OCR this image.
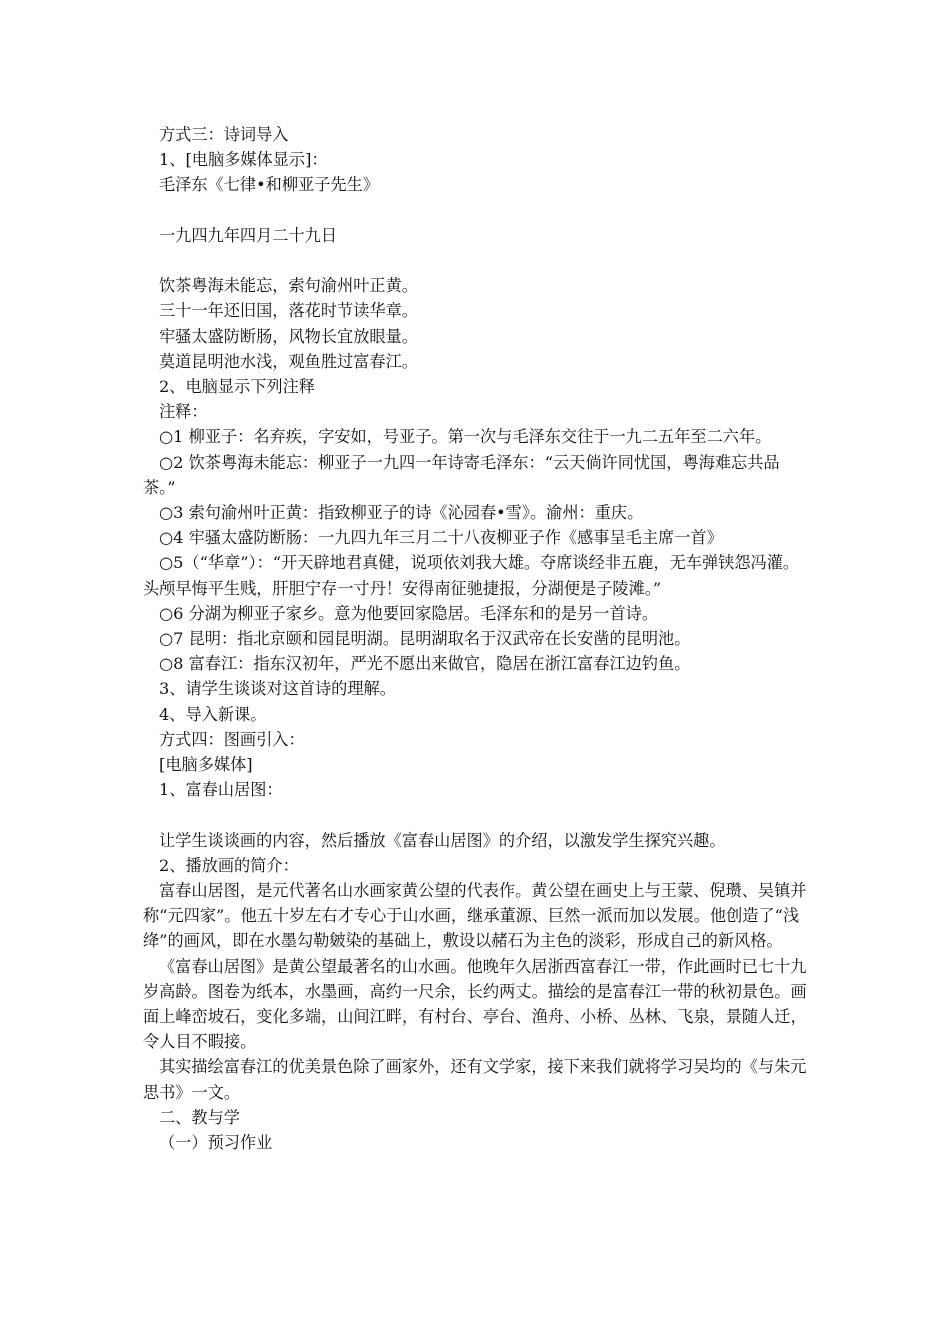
方式三：诗词导入

1、[电脑多媒体显示]：

毛泽东《七律•和柳亚子先生》

一九四九年四月二十九日

饮茶粤海未能忘，索句渝州叶正黄。

三十一年还旧国，落花时节读华章。

牢骚太盛防断肠，风物长宜放眼量。

莫道昆明池水浅，观鱼胜过富春江。

2、电脑显示下列注释

注释：

○1 柳亚子：名弃疾，字安如，号亚子。第一次与毛泽东交往于一九二五年至二六年。

○2 饮茶粤海未能忘：柳亚子一九四一年诗寄毛泽东：“云天倘许同忧国，粤海难忘共品茶。”

○3 索句渝州叶正黄：指致柳亚子的诗《沁园春•雪》。渝州：重庆。

○4 牢骚太盛防断肠：一九四九年三月二十八夜柳亚子作《感事呈毛主席一首》

○5（“华章”）：“开天辟地君真健，说项依刘我大雄。夺席谈经非五鹿，无车弹铗怨冯灌。头颅早悔平生贱，肝胆宁存一寸丹！安得南征驰捷报，分湖便是子陵滩。”

○6 分湖为柳亚子家乡。意为他要回家隐居。毛泽东和的是另一首诗。

○7 昆明：指北京颐和园昆明湖。昆明湖取名于汉武帝在长安凿的昆明池。

○8 富春江：指东汉初年，严光不愿出来做官，隐居在浙江富春江边钓鱼。

3、请学生谈谈对这首诗的理解。

4、导入新课。

方式四：图画引入：

[电脑多媒体]

1、富春山居图：

让学生谈谈画的内容，然后播放《富春山居图》的介绍，以激发学生探究兴趣。

2、播放画的简介：

富春山居图，是元代著名山水画家黄公望的代表作。黄公望在画史上与王蒙、倪瓒、吴镇并称“元四家”。他五十岁左右才专心于山水画，继承董源、巨然一派而加以发展。他创造了“浅绛”的画风，即在水墨勾勒皴染的基础上，敷设以赭石为主色的淡彩，形成自己的新风格。

《富春山居图》是黄公望最著名的山水画。他晚年久居浙西富春江一带，作此画时已七十九岁高龄。图卷为纸本，水墨画，高约一尺余，长约两丈。描绘的是富春江一带的秋初景色。画面上峰峦坡石，变化多端，山间江畔，有村台、亭台、渔舟、小桥、丛林、飞泉，景随人迁，令人目不暇接。

其实描绘富春江的优美景色除了画家外，还有文学家，接下来我们就将学习吴均的《与朱元思书》一文。

二、教与学

（一）预习作业
